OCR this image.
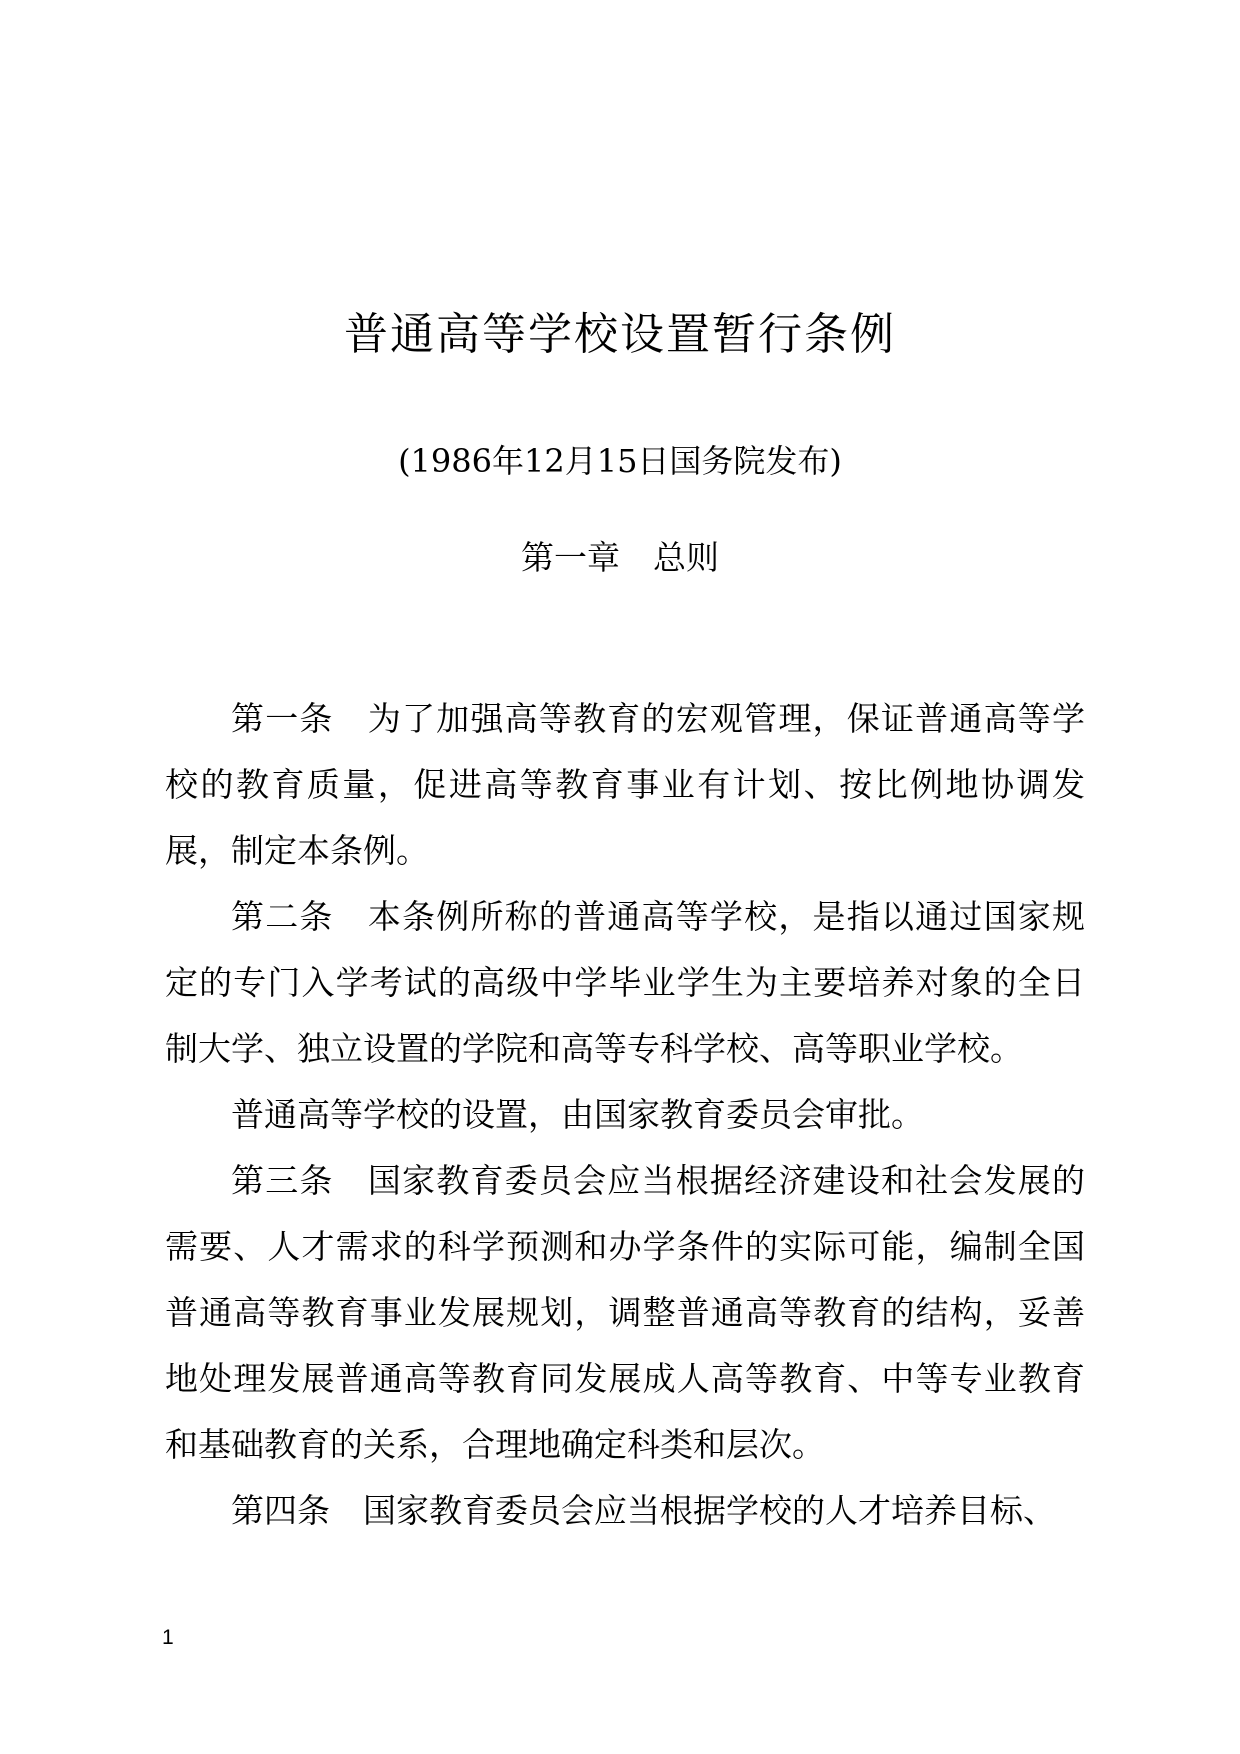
普通高等学校设置暂行条例
(1986年12月15日国务院发布)
第一章　总则

第一条　为了加强高等教育的宏观管理，保证普通高等学校的教育质量，促进高等教育事业有计划、按比例地协调发展，制定本条例。

第二条　本条例所称的普通高等学校，是指以通过国家规定的专门入学考试的高级中学毕业学生为主要培养对象的全日制大学、独立设置的学院和高等专科学校、高等职业学校。

普通高等学校的设置，由国家教育委员会审批。

第三条　国家教育委员会应当根据经济建设和社会发展的需要、人才需求的科学预测和办学条件的实际可能，编制全国普通高等教育事业发展规划，调整普通高等教育的结构，妥善地处理发展普通高等教育同发展成人高等教育、中等专业教育和基础教育的关系，合理地确定科类和层次。

第四条　国家教育委员会应当根据学校的人才培养目标、

1
